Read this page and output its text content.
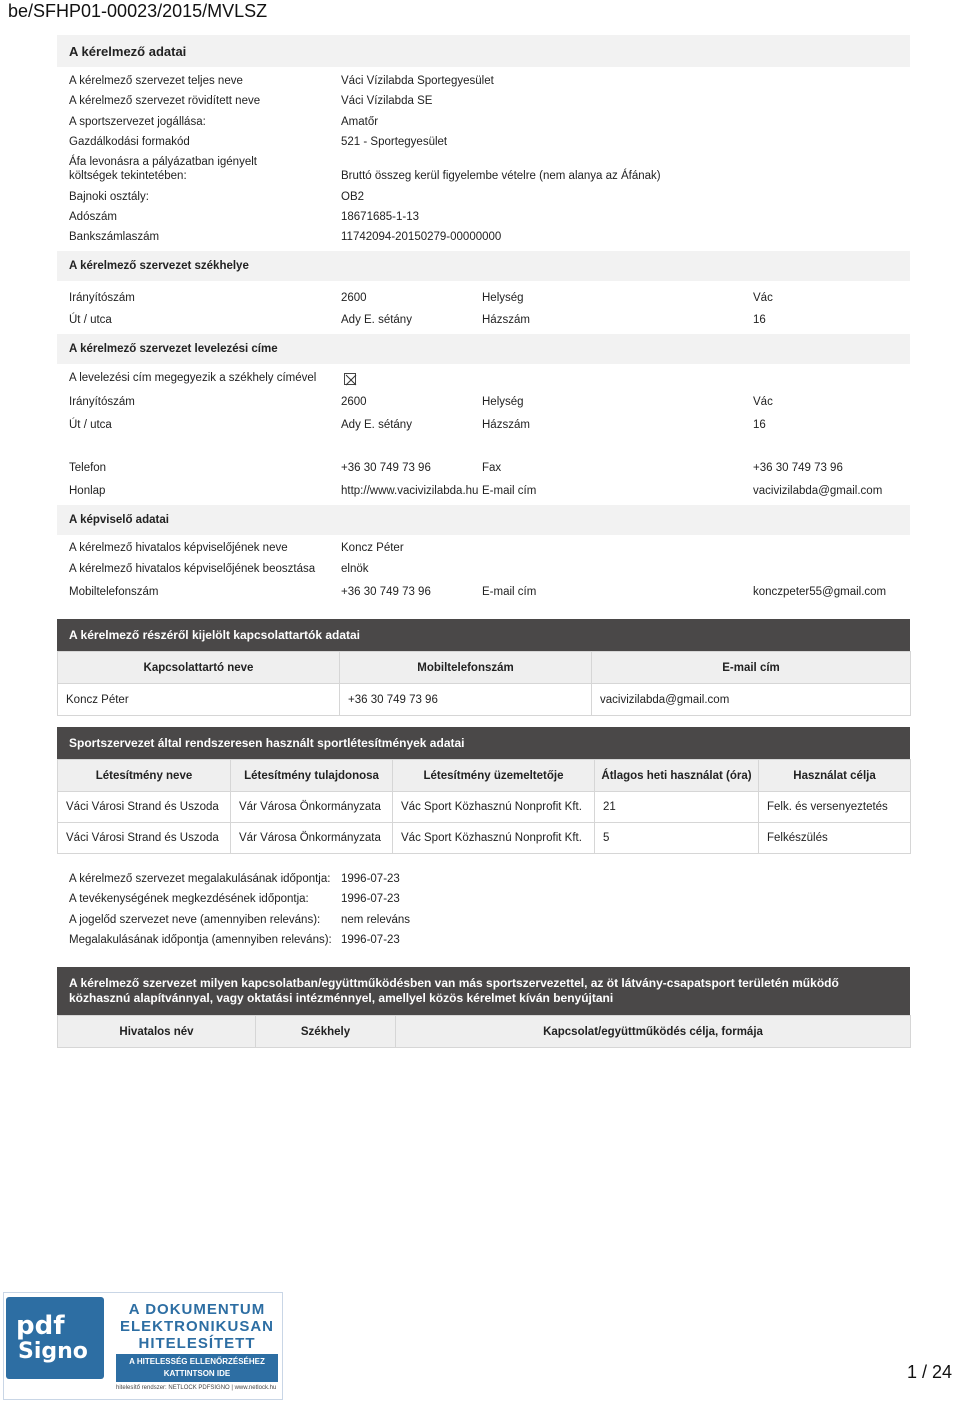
be/SFHP01-00023/2015/MVLSZ
A kérelmező adatai
A kérelmező szervezet teljes neve	Váci Vízilabda Sportegyesület
A kérelmező szervezet rövidített neve	Váci Vízilabda SE
A sportszervezet jogállása:	Amatőr
Gazdálkodási formakód	521 - Sportegyesület
Áfa levonásra a pályázatban igényelt
költségek tekintetében:	Bruttó összeg kerül figyelembe vételre (nem alanya az Áfának)
Bajnoki osztály:	OB2
Adószám	18671685-1-13
Bankszámlaszám	11742094-20150279-00000000
A kérelmező szervezet székhelye
Irányítószám	2600	Helység	Vác
Út / utca	Ady E. sétány	Házszám	16
A kérelmező szervezet levelezési címe
A levelezési cím megegyezik a székhely címével
Irányítószám	2600	Helység	Vác
Út / utca	Ady E. sétány	Házszám	16
Telefon	+36 30 749 73 96	Fax	+36 30 749 73 96
Honlap	http://www.vacivizilabda.hu E-mail cím	vacivizilabda@gmail.com
A képviselő adatai
A kérelmező hivatalos képviselőjének neve	Koncz Péter
A kérelmező hivatalos képviselőjének beosztása elnök
Mobiltelefonszám	+36 30 749 73 96	E-mail cím	konczpeter55@gmail.com
A kérelmező részéről kijelölt kapcsolattartók adatai
Kapcsolattartó neve	Mobiltelefonszám	E-mail cím
Koncz Péter	+36 30 749 73 96	vacivizilabda@gmail.com
Sportszervezet által rendszeresen használt sportlétesítmények adatai
Létesítmény neve	Létesítmény tulajdonosa	Létesítmény üzemeltetője	Átlagos heti használat (óra)	Használat célja
Váci Városi Strand és Uszoda	Vár Városa Önkormányzata	Vác Sport Közhasznú Nonprofit Kft.	21	Felk. és versenyeztetés
Váci Városi Strand és Uszoda	Vár Városa Önkormányzata	Vác Sport Közhasznú Nonprofit Kft.	5	Felkészülés
A kérelmező szervezet megalakulásának időpontja: 1996-07-23
A tevékenységének megkezdésének időpontja:	1996-07-23
A jogelőd szervezet neve (amennyiben releváns): nem releváns
Megalakulásának időpontja (amennyiben releváns): 1996-07-23
A kérelmező szervezet milyen kapcsolatban/együttműködésben van más sportszervezettel, az öt látvány-csapatsport területén működő
közhasznú alapítvánnyal, vagy oktatási intézménnyel, amellyel közös kérelmet kíván benyújtani
Hivatalos név	Székhely	Kapcsolat/együttműködés célja, formája
pdf
Signo
A DOKUMENTUM
ELEKTRONIKUSAN
HITELESÍTETT
A HITELESSÉG ELLENŐRZÉSÉHEZ
KATTINTSON IDE
hitelesítő rendszer: NETLOCK PDFSIGNO | www.netlock.hu
1 / 24
